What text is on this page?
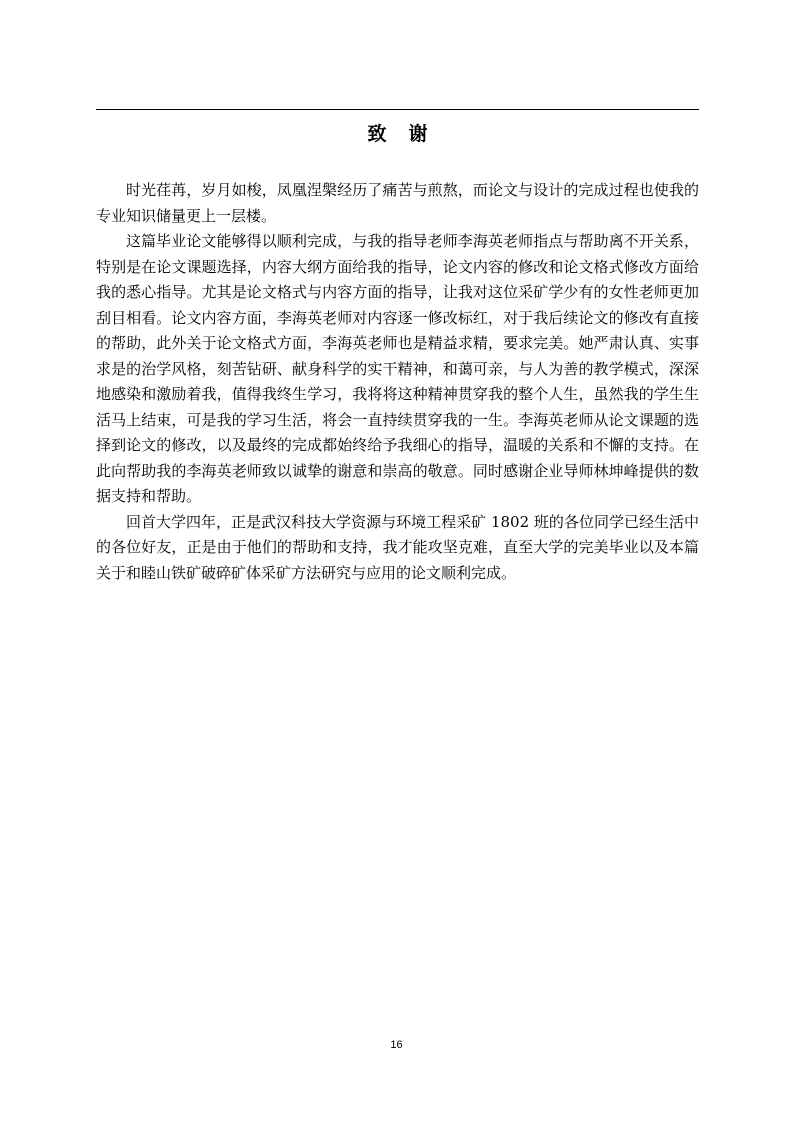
致谢

时光荏苒，岁月如梭，凤凰涅槃经历了痛苦与煎熬，而论文与设计的完成过程也使我的专业知识储量更上一层楼。

这篇毕业论文能够得以顺利完成，与我的指导老师李海英老师指点与帮助离不开关系，特别是在论文课题选择，内容大纲方面给我的指导，论文内容的修改和论文格式修改方面给我的悉心指导。尤其是论文格式与内容方面的指导，让我对这位采矿学少有的女性老师更加刮目相看。论文内容方面，李海英老师对内容逐一修改标红，对于我后续论文的修改有直接的帮助，此外关于论文格式方面，李海英老师也是精益求精，要求完美。她严肃认真、实事求是的治学风格，刻苦钻研、献身科学的实干精神，和蔼可亲，与人为善的教学模式，深深地感染和激励着我，值得我终生学习，我将将这种精神贯穿我的整个人生，虽然我的学生生活马上结束，可是我的学习生活，将会一直持续贯穿我的一生。李海英老师从论文课题的选择到论文的修改，以及最终的完成都始终给予我细心的指导，温暖的关系和不懈的支持。在此向帮助我的李海英老师致以诚挚的谢意和崇高的敬意。同时感谢企业导师林坤峰提供的数据支持和帮助。

回首大学四年，正是武汉科技大学资源与环境工程采矿 1802 班的各位同学已经生活中的各位好友，正是由于他们的帮助和支持，我才能攻坚克难，直至大学的完美毕业以及本篇关于和睦山铁矿破碎矿体采矿方法研究与应用的论文顺利完成。

16
